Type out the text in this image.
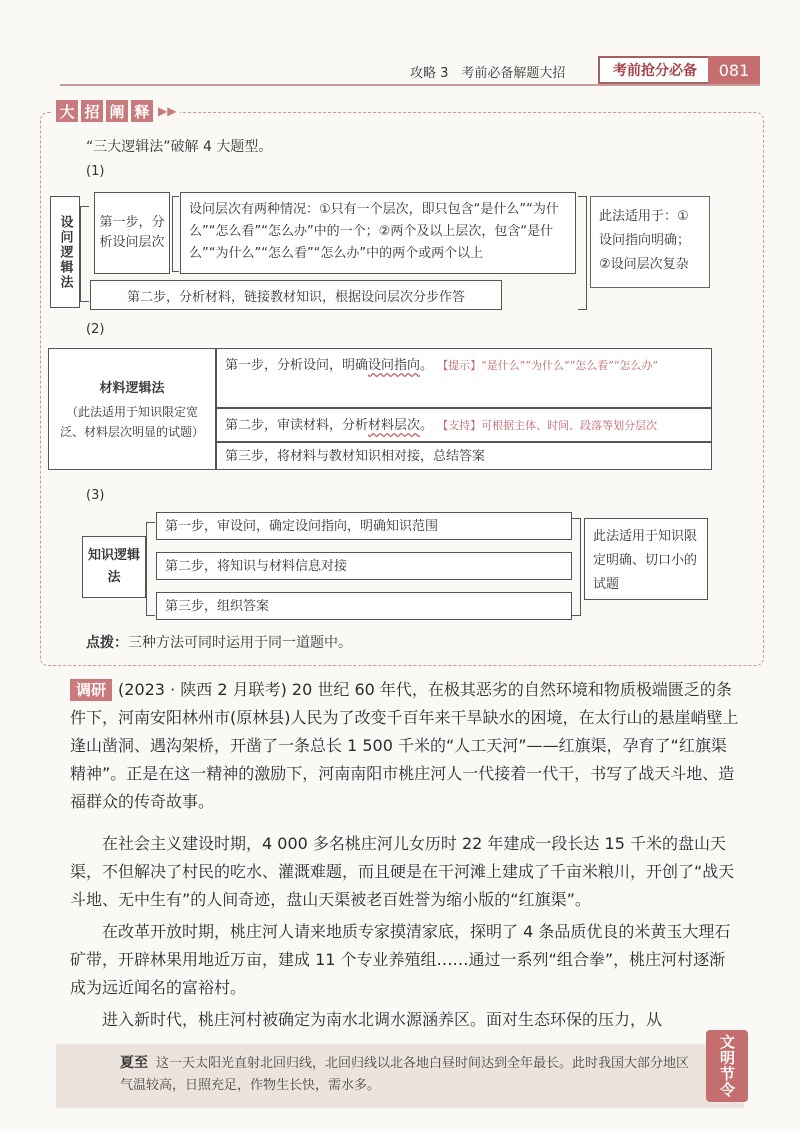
攻略 3　考前必备解题大招	考前抢分必备	081
大 招 阐 释 ▶▶
“三大逻辑法”破解 4 大题型。
(1)
设问逻辑法	第一步，分析设问层次
设问层次有两种情况：①只有一个层次，即只包含“是什么”“为什么”“怎么看”“怎么办”中的一个；②两个及以上层次，包含“是什么”“为什么”“怎么看”“怎么办”中的两个或两个以上
第二步，分析材料，链接教材知识，根据设问层次分步作答
此法适用于：①设问指向明确；②设问层次复杂
(2)
材料逻辑法
（此法适用于知识限定宽泛、材料层次明显的试题）
第一步，分析设问，明确设问指向。 【提示】“是什么”“为什么”“怎么看”“怎么办”
第二步，审读材料，分析材料层次。 【支持】可根据主体、时间、段落等划分层次
第三步，将材料与教材知识相对接，总结答案
(3)
知识逻辑法
第一步，审设问，确定设问指向，明确知识范围
第二步，将知识与材料信息对接
第三步，组织答案
此法适用于知识限定明确、切口小的试题
点拨：三种方法可同时运用于同一道题中。
调研 (2023 · 陕西 2 月联考) 20 世纪 60 年代，在极其恶劣的自然环境和物质极端匮乏的条件下，河南安阳林州市(原林县)人民为了改变千百年来干旱缺水的困境，在太行山的悬崖峭壁上逢山凿洞、遇沟架桥，开凿了一条总长 1 500 千米的“人工天河”——红旗渠，孕育了“红旗渠精神”。正是在这一精神的激励下，河南南阳市桃庄河人一代接着一代干，书写了战天斗地、造福群众的传奇故事。
在社会主义建设时期，4 000 多名桃庄河儿女历时 22 年建成一段长达 15 千米的盘山天渠，不但解决了村民的吃水、灌溉难题，而且硬是在干河滩上建成了千亩米粮川，开创了“战天斗地、无中生有”的人间奇迹，盘山天渠被老百姓誉为缩小版的“红旗渠”。
在改革开放时期，桃庄河人请来地质专家摸清家底，探明了 4 条品质优良的米黄玉大理石矿带，开辟林果用地近万亩，建成 11 个专业养殖组……通过一系列“组合拳”，桃庄河村逐渐成为远近闻名的富裕村。
进入新时代，桃庄河村被确定为南水北调水源涵养区。面对生态环保的压力，从
夏至 这一天太阳光直射北回归线，北回归线以北各地白昼时间达到全年最长。此时我国大部分地区气温较高，日照充足，作物生长快，需水多。	文明节令
